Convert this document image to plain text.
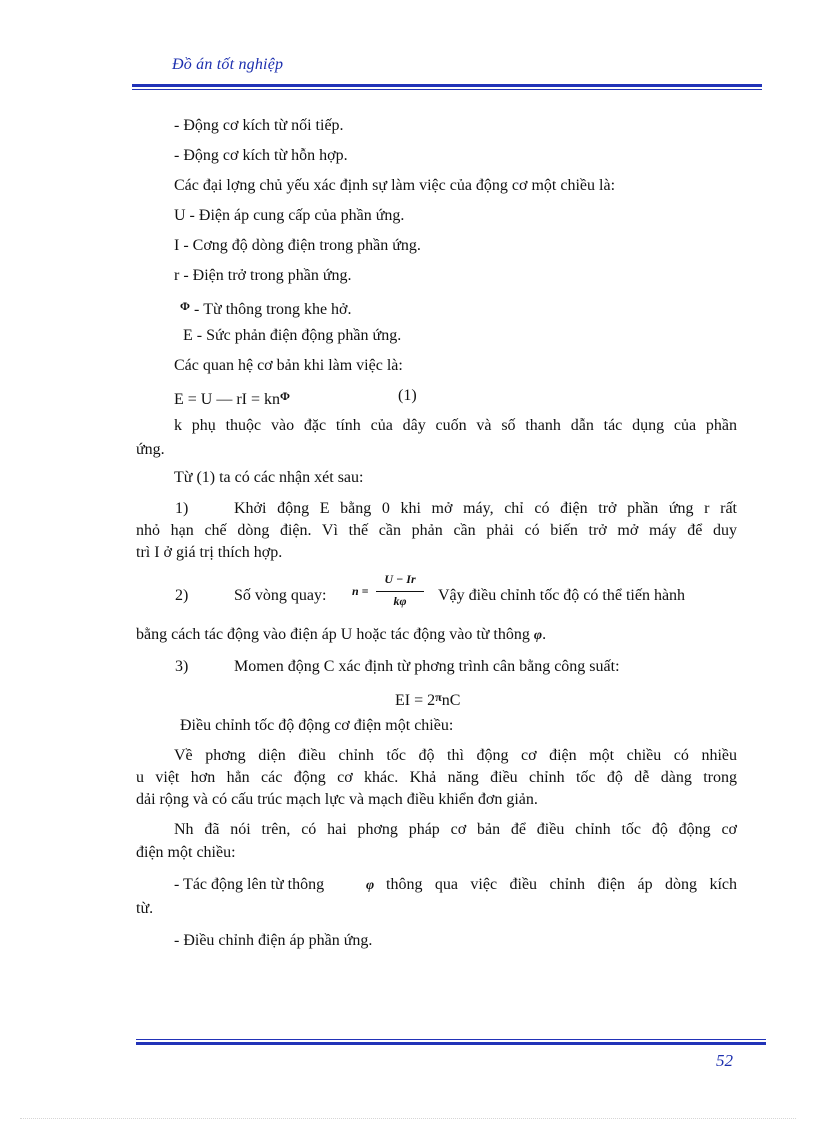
Đồ án tốt nghiệp
- Động cơ kích từ nối tiếp.
- Động cơ kích từ hỗn hợp.
Các đại lợng chủ yếu xác định sự làm việc của động cơ một chiều là:
U - Điện áp cung cấp của phần ứng.
I - Cơng độ dòng điện trong phần ứng.
r - Điện trở trong phần ứng.
$^\Phi$ - Từ thông trong khe hở.
E - Sức phản điện động phần ứng.
Các quan hệ cơ bản khi làm việc là:
E = U — rI = $kn^\Phi$	(1)
k phụ thuộc vào đặc tính của dây cuốn và số thanh dẫn tác dụng của phần
ứng.
Từ (1) ta có các nhận xét sau:
1)	Khởi động E bằng 0 khi mở máy, chỉ có điện trở phần ứng r rất
nhỏ hạn chế dòng điện. Vì thế cần phản cần phải có biến trở mở máy để duy
trì I ở giá trị thích hợp.
2)	Số vòng quay: n =
U − Ir
kφ	Vậy điều chỉnh tốc độ có thể tiến hành
bằng cách tác động vào điện áp U hoặc tác động vào từ thông φ.
3)	Momen động C xác định từ phơng trình cân bằng công suất:
EI = $2^\pi nC$
Điều chỉnh tốc độ động cơ điện một chiều:
Về phơng diện điều chỉnh tốc độ thì động cơ điện một chiều có nhiều
u việt hơn hẳn các động cơ khác. Khả năng điều chỉnh tốc độ dễ dàng trong
dải rộng và có cấu trúc mạch lực và mạch điều khiển đơn giản.
Nh đã nói trên, có hai phơng pháp cơ bản để điều chỉnh tốc độ động cơ
điện một chiều:
- Tác động lên từ thông	φ thông qua việc điều chỉnh điện áp dòng kích
từ.
- Điều chỉnh điện áp phần ứng.
52
